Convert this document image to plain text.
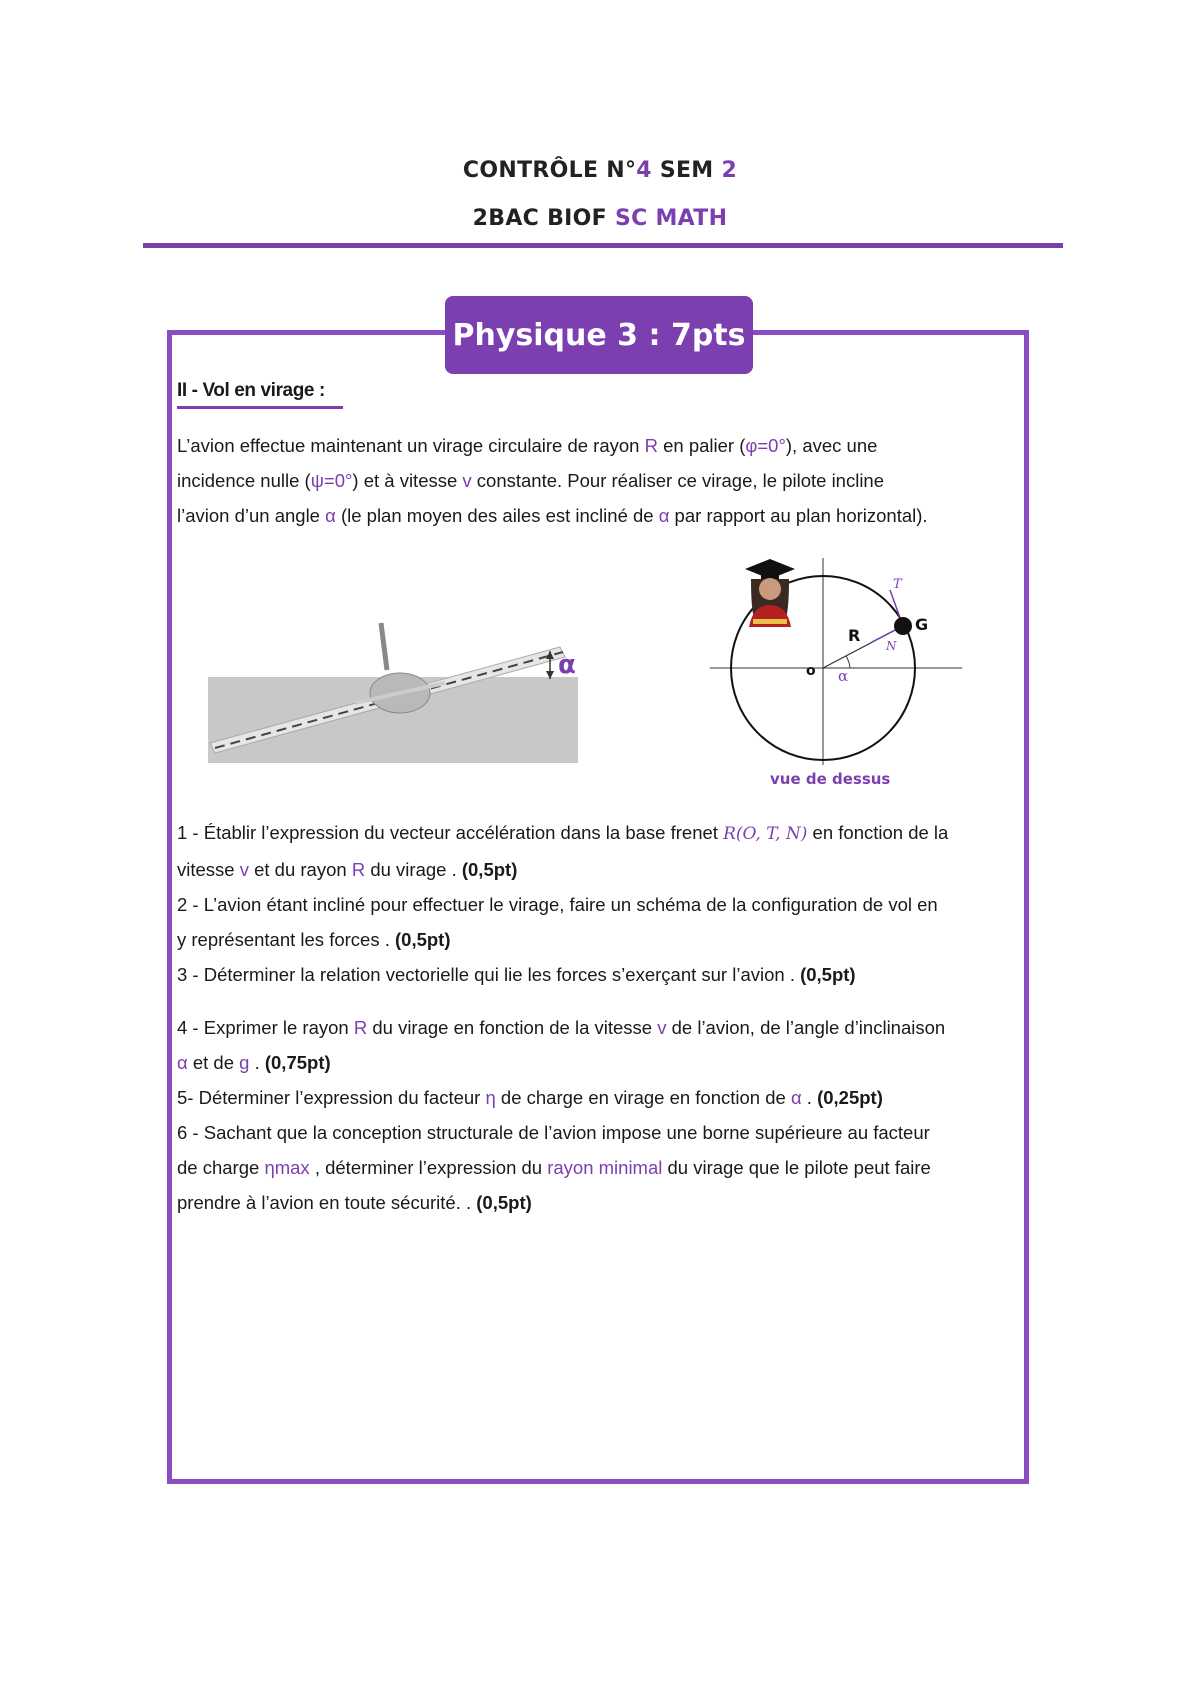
CONTRÔLE N°4 SEM 2
2BAC BIOF SC MATH
Physique 3 : 7pts
II - Vol en virage :

L’avion effectue maintenant un virage circulaire de rayon R en palier (φ=0°), avec une

incidence nulle (ψ=0°) et à vitesse v constante. Pour réaliser ce virage, le pilote incline

l’avion d’un angle α (le plan moyen des ailes est incliné de α par rapport au plan horizontal).

α
R
G
o α
T
N
vue de dessus

1 - Établir l’expression du vecteur accélération dans la base frenet R(O, T, N) en fonction de la

vitesse v et du rayon R du virage . (0,5pt)

2 - L’avion étant incliné pour effectuer le virage, faire un schéma de la configuration de vol en

y représentant les forces . (0,5pt)

3 - Déterminer la relation vectorielle qui lie les forces s’exerçant sur l’avion . (0,5pt)

4 - Exprimer le rayon R du virage en fonction de la vitesse v de l’avion, de l’angle d’inclinaison

α et de g . (0,75pt)

5- Déterminer l’expression du facteur η de charge en virage en fonction de α . (0,25pt)

6 - Sachant que la conception structurale de l’avion impose une borne supérieure au facteur

de charge ηmax , déterminer l’expression du rayon minimal du virage que le pilote peut faire

prendre à l’avion en toute sécurité. . (0,5pt)
